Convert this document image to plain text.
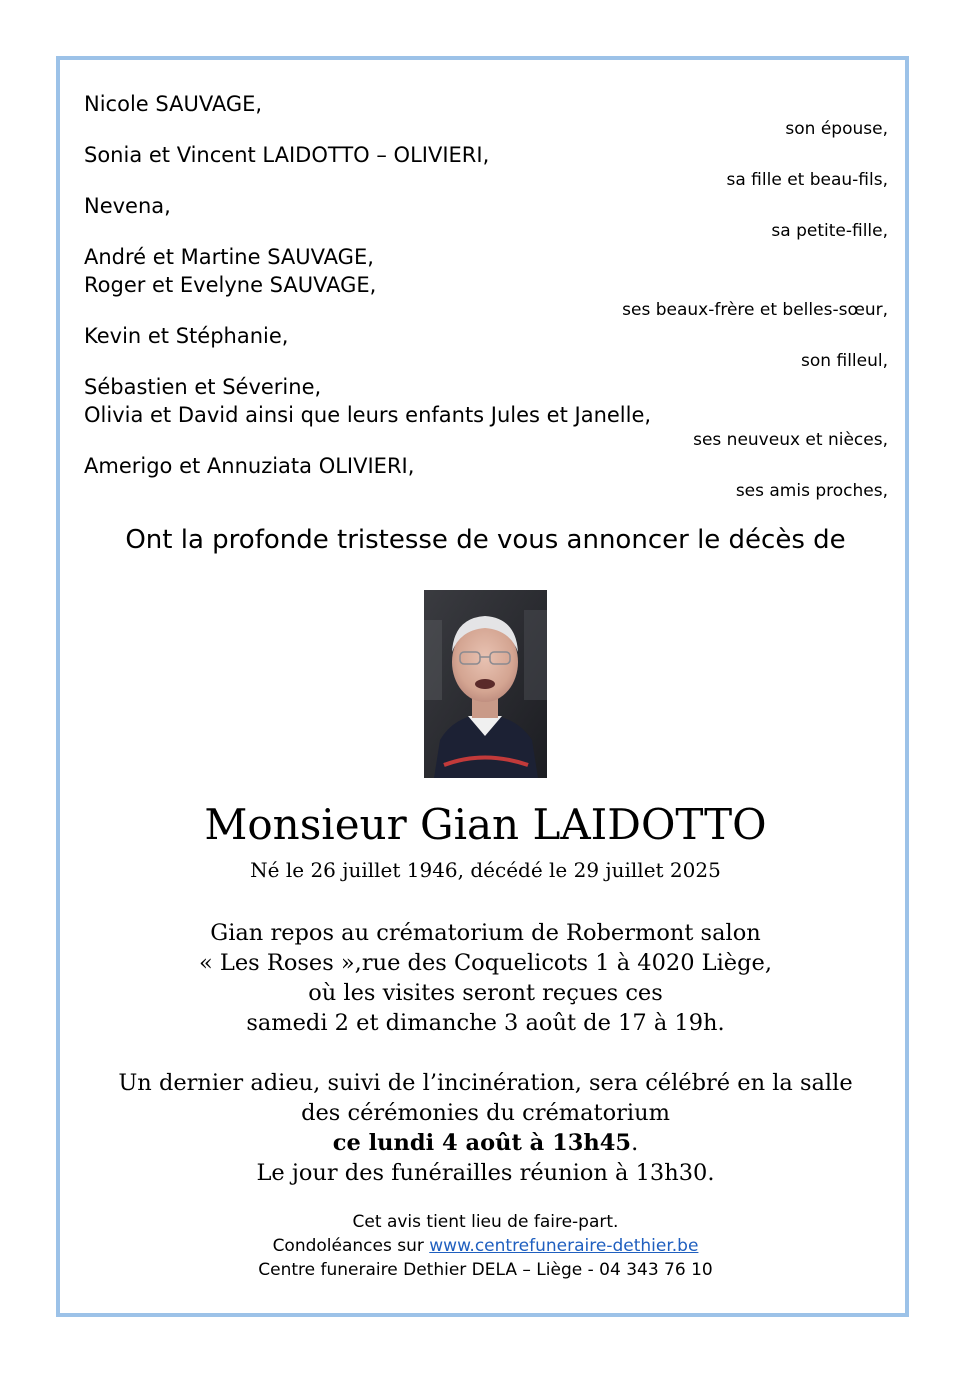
Nicole SAUVAGE,
son épouse,
Sonia et Vincent LAIDOTTO – OLIVIERI,
sa fille et beau-fils,
Nevena,
sa petite-fille,
André et Martine SAUVAGE,
Roger et Evelyne SAUVAGE,
ses beaux-frère et belles-sœur,
Kevin et Stéphanie,
son filleul,
Sébastien et Séverine,
Olivia et David ainsi que leurs enfants Jules et Janelle,
ses neuveux et nièces,
Amerigo et Annuziata OLIVIERI,
ses amis proches,
Ont la profonde tristesse de vous annoncer le décès de
Monsieur Gian LAIDOTTO
Né le 26 juillet 1946, décédé le 29 juillet 2025
Gian repos au crématorium de Robermont salon
« Les Roses »,rue des Coquelicots 1 à 4020 Liège,
où les visites seront reçues ces
samedi 2 et dimanche 3 août de 17 à 19h.
Un dernier adieu, suivi de l’incinération, sera célébré en la salle
des cérémonies du crématorium
ce lundi 4 août à 13h45.
Le jour des funérailles réunion à 13h30.
Cet avis tient lieu de faire-part.
Condoléances sur www.centrefuneraire-dethier.be
Centre funeraire Dethier DELA – Liège - 04 343 76 10
